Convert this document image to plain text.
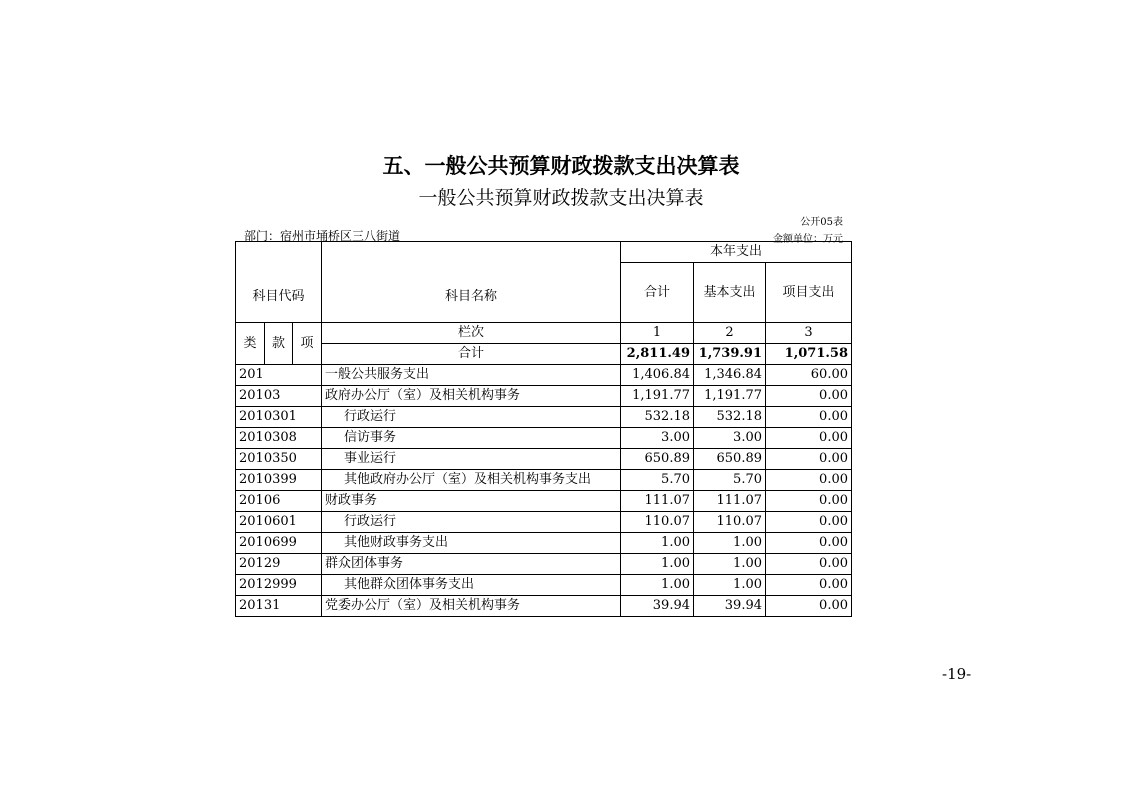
五、一般公共预算财政拨款支出决算表
一般公共预算财政拨款支出决算表
公开05表
部门：宿州市埇桥区三八街道	金额单位：万元
科目代码			科目名称	本年支出		
				合计	基本支出	项目支出

类	款	项	栏次	1	2	3
			合计	2,811.49	1,739.91	1,071.58
201			一般公共服务支出	1,406.84	1,346.84	60.00
20103			政府办公厅（室）及相关机构事务	1,191.77	1,191.77	0.00
2010301			行政运行	532.18	532.18	0.00
2010308			信访事务	3.00	3.00	0.00
2010350			事业运行	650.89	650.89	0.00
2010399			其他政府办公厅（室）及相关机构事务支出	5.70	5.70	0.00
20106			财政事务	111.07	111.07	0.00
2010601			行政运行	110.07	110.07	0.00
2010699			其他财政事务支出	1.00	1.00	0.00
20129			群众团体事务	1.00	1.00	0.00
2012999			其他群众团体事务支出	1.00	1.00	0.00
20131			党委办公厅（室）及相关机构事务	39.94	39.94	0.00
-19-
